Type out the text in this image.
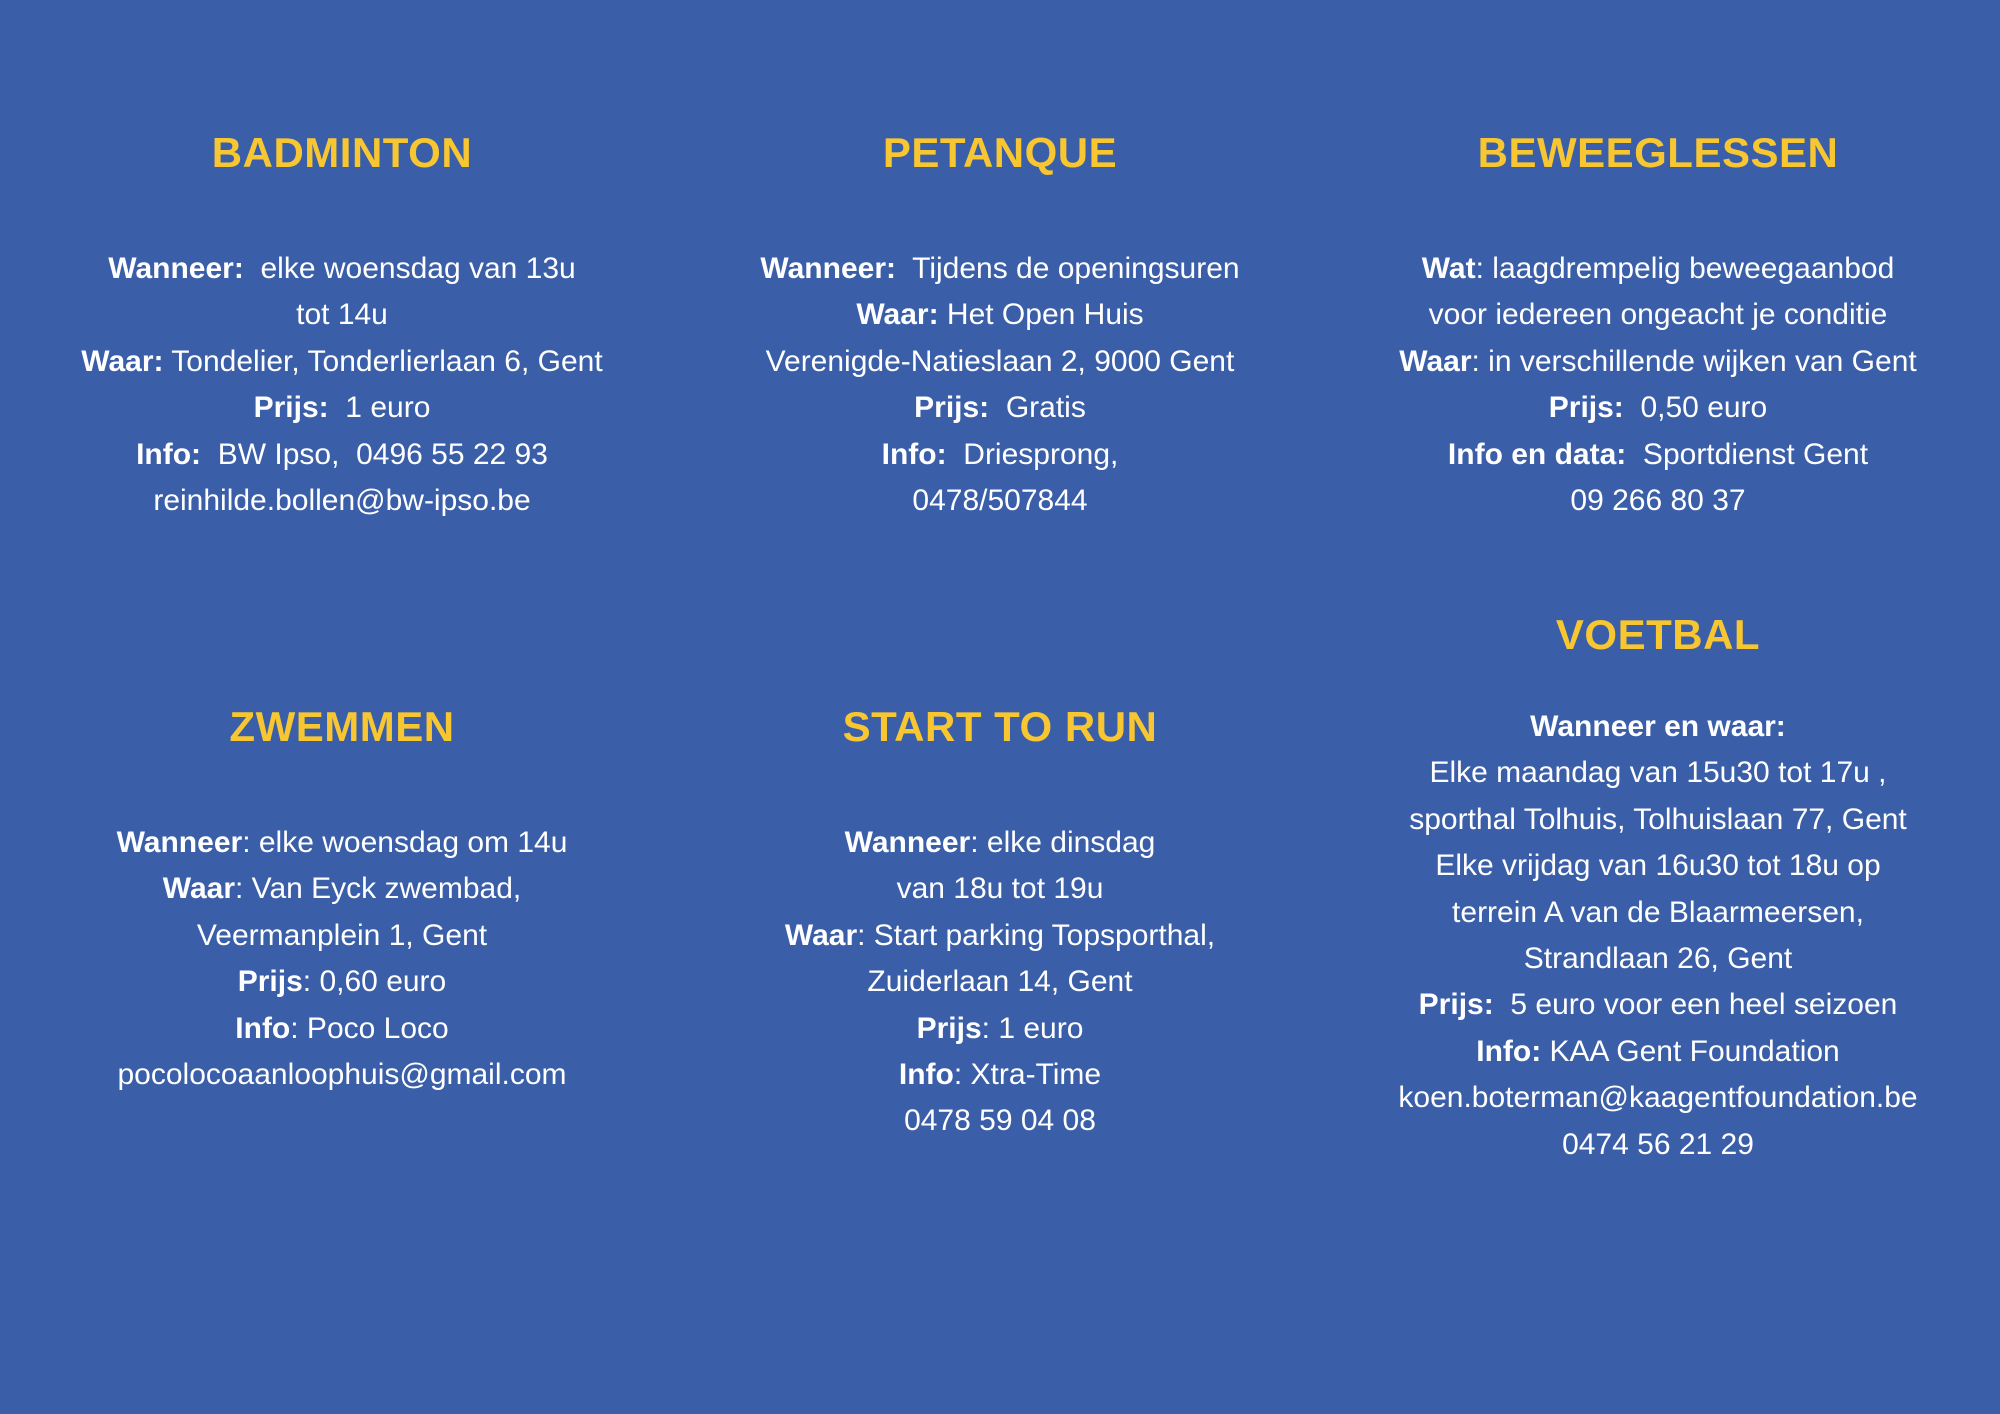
BADMINTON
Wanneer:  elke woensdag van 13u
tot 14u
Waar: Tondelier, Tonderlierlaan 6, Gent
Prijs:  1 euro
Info:  BW Ipso,  0496 55 22 93
reinhilde.bollen@bw-ipso.be
PETANQUE
Wanneer:  Tijdens de openingsuren
Waar: Het Open Huis
Verenigde-Natieslaan 2, 9000 Gent
Prijs:  Gratis
Info:  Driesprong,
0478/507844
BEWEEGLESSEN
Wat: laagdrempelig beweegaanbod
voor iedereen ongeacht je conditie
Waar: in verschillende wijken van Gent
Prijs:  0,50 euro
Info en data:  Sportdienst Gent
09 266 80 37
ZWEMMEN
Wanneer: elke woensdag om 14u
Waar: Van Eyck zwembad,
Veermanplein 1, Gent
Prijs: 0,60 euro
Info: Poco Loco
pocolocoaanloophuis@gmail.com
START TO RUN
Wanneer: elke dinsdag
van 18u tot 19u
Waar: Start parking Topsporthal,
Zuiderlaan 14, Gent
Prijs: 1 euro
Info: Xtra-Time
0478 59 04 08
VOETBAL
Wanneer en waar:
Elke maandag van 15u30 tot 17u ,
sporthal Tolhuis, Tolhuislaan 77, Gent
Elke vrijdag van 16u30 tot 18u op
terrein A van de Blaarmeersen,
Strandlaan 26, Gent
Prijs:  5 euro voor een heel seizoen
Info: KAA Gent Foundation
koen.boterman@kaagentfoundation.be
0474 56 21 29
